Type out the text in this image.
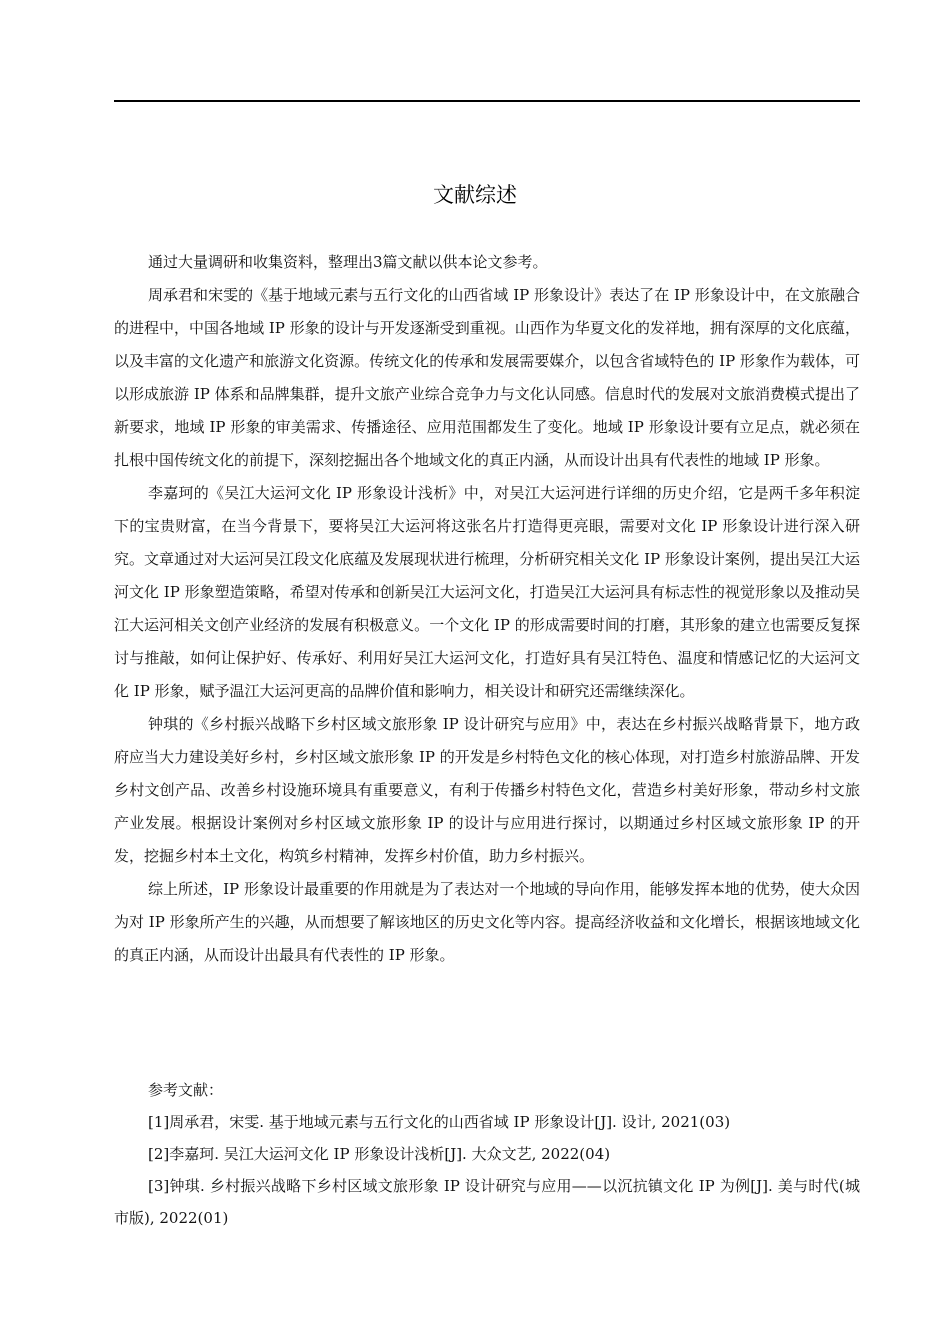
文献综述

通过大量调研和收集资料，整理出3篇文献以供本论文参考。

周承君和宋雯的《基于地域元素与五行文化的山西省域 IP 形象设计》表达了在 IP 形象设计中，在文旅融合的进程中，中国各地域 IP 形象的设计与开发逐渐受到重视。山西作为华夏文化的发祥地，拥有深厚的文化底蕴，以及丰富的文化遗产和旅游文化资源。传统文化的传承和发展需要媒介，以包含省域特色的 IP 形象作为载体，可以形成旅游 IP 体系和品牌集群，提升文旅产业综合竞争力与文化认同感。信息时代的发展对文旅消费模式提出了新要求，地域 IP 形象的审美需求、传播途径、应用范围都发生了变化。地域 IP 形象设计要有立足点，就必须在扎根中国传统文化的前提下，深刻挖掘出各个地域文化的真正内涵，从而设计出具有代表性的地域 IP 形象。

李嘉珂的《吴江大运河文化 IP 形象设计浅析》中，对吴江大运河进行详细的历史介绍，它是两千多年积淀下的宝贵财富，在当今背景下，要将吴江大运河将这张名片打造得更亮眼，需要对文化 IP 形象设计进行深入研究。文章通过对大运河吴江段文化底蕴及发展现状进行梳理，分析研究相关文化 IP 形象设计案例，提出吴江大运河文化 IP 形象塑造策略，希望对传承和创新吴江大运河文化，打造吴江大运河具有标志性的视觉形象以及推动吴江大运河相关文创产业经济的发展有积极意义。一个文化 IP 的形成需要时间的打磨，其形象的建立也需要反复探讨与推敲，如何让保护好、传承好、利用好吴江大运河文化，打造好具有吴江特色、温度和情感记忆的大运河文化 IP 形象，赋予温江大运河更高的品牌价值和影响力，相关设计和研究还需继续深化。

钟琪的《乡村振兴战略下乡村区域文旅形象 IP 设计研究与应用》中，表达在乡村振兴战略背景下，地方政府应当大力建设美好乡村，乡村区域文旅形象 IP 的开发是乡村特色文化的核心体现，对打造乡村旅游品牌、开发乡村文创产品、改善乡村设施环境具有重要意义，有利于传播乡村特色文化，营造乡村美好形象，带动乡村文旅产业发展。根据设计案例对乡村区域文旅形象 IP 的设计与应用进行探讨，以期通过乡村区域文旅形象 IP 的开发，挖掘乡村本土文化，构筑乡村精神，发挥乡村价值，助力乡村振兴。

综上所述，IP 形象设计最重要的作用就是为了表达对一个地域的导向作用，能够发挥本地的优势，使大众因为对 IP 形象所产生的兴趣，从而想要了解该地区的历史文化等内容。提高经济收益和文化增长，根据该地域文化的真正内涵，从而设计出最具有代表性的 IP 形象。

参考文献：

[1]周承君，宋雯. 基于地域元素与五行文化的山西省域 IP 形象设计[J]. 设计, 2021(03)

[2]李嘉珂. 吴江大运河文化 IP 形象设计浅析[J]. 大众文艺, 2022(04)

[3]钟琪. 乡村振兴战略下乡村区域文旅形象 IP 设计研究与应用——以沉抗镇文化 IP 为例[J]. 美与时代(城市版), 2022(01)
